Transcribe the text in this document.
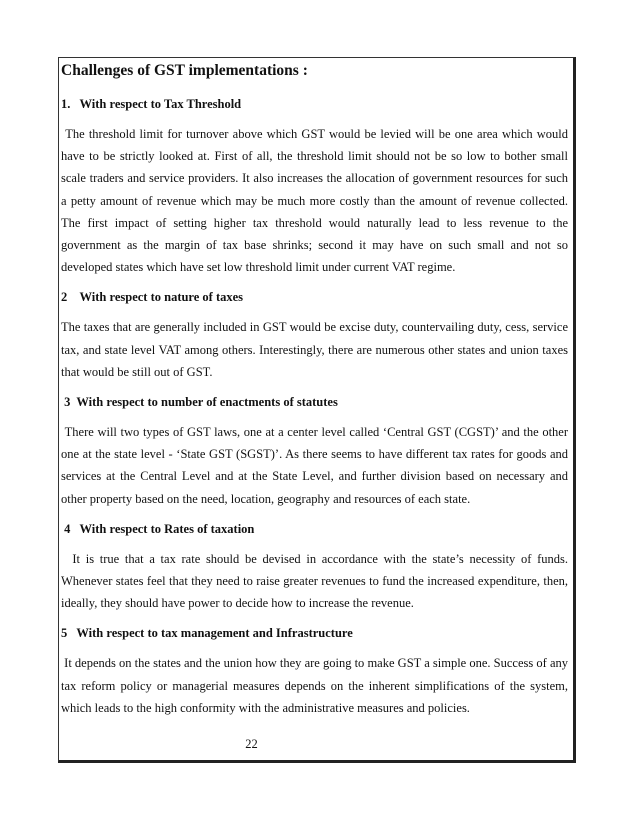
Challenges of GST implementations :
1.   With respect to Tax Threshold
The threshold limit for turnover above which GST would be levied will be one area which would have to be strictly looked at. First of all, the threshold limit should not be so low to bother small scale traders and service providers. It also increases the allocation of government resources for such a petty amount of revenue which may be much more costly than the amount of revenue collected. The first impact of setting higher tax threshold would naturally lead to less revenue to the government as the margin of tax base shrinks; second it may have on such small and not so developed states which have set low threshold limit under current VAT regime.
2    With respect to nature of taxes
The taxes that are generally included in GST would be excise duty, countervailing duty, cess, service tax, and state level VAT among others. Interestingly, there are numerous other states and union taxes that would be still out of GST.
3  With respect to number of enactments of statutes
There will two types of GST laws, one at a center level called ‘Central GST (CGST)’ and the other one at the state level - ‘State GST (SGST)’. As there seems to have different tax rates for goods and services at the Central Level and at the State Level, and further division based on necessary and other property based on the need, location, geography and resources of each state.
4   With respect to Rates of taxation
It is true that a tax rate should be devised in accordance with the state’s necessity of funds. Whenever states feel that they need to raise greater revenues to fund the increased expenditure, then, ideally, they should have power to decide how to increase the revenue.
5   With respect to tax management and Infrastructure
It depends on the states and the union how they are going to make GST a simple one. Success of any tax reform policy or managerial measures depends on the inherent simplifications of the system, which leads to the high conformity with the administrative measures and policies.
22
